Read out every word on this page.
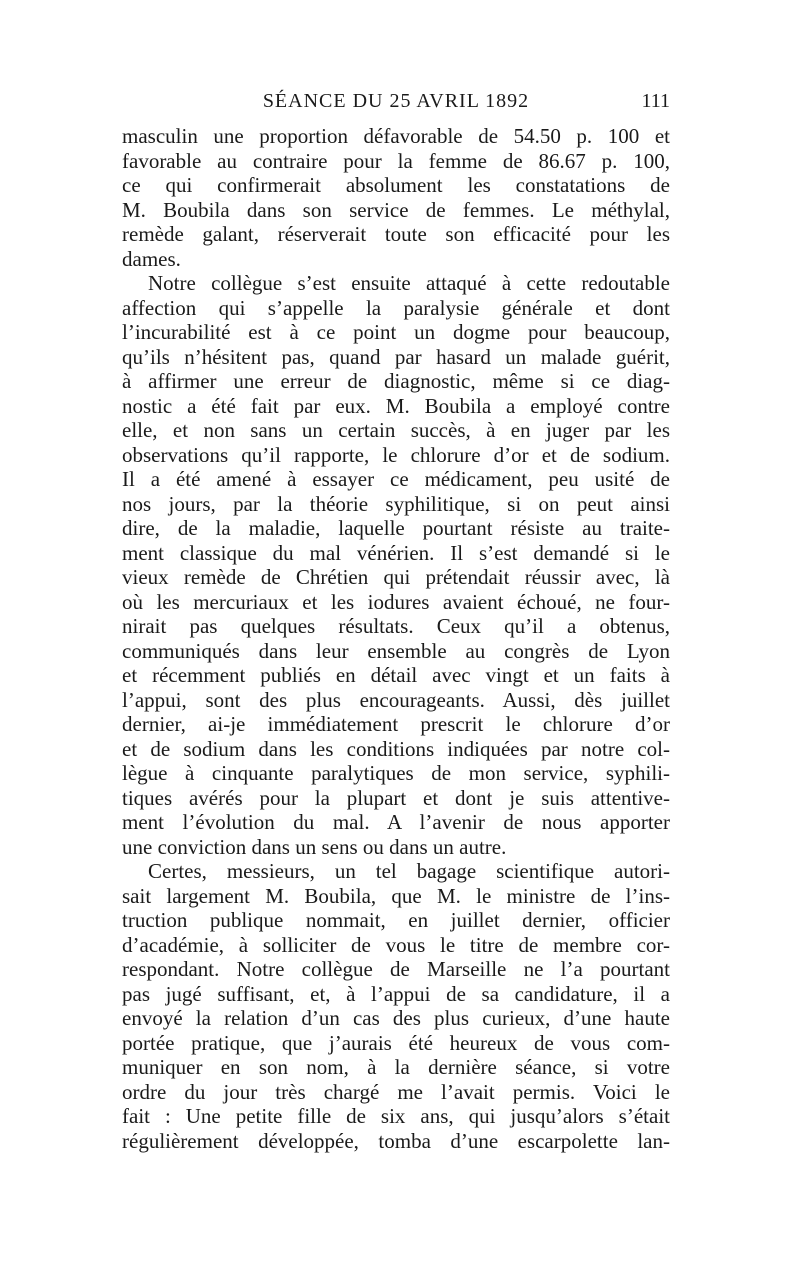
SÉANCE DU 25 AVRIL 1892	111
masculin une proportion défavorable de 54.50 p. 100 et
favorable au contraire pour la femme de 86.67 p. 100,
ce qui confirmerait absolument les constatations de
M. Boubila dans son service de femmes. Le méthylal,
remède galant, réserverait toute son efficacité pour les
dames.
Notre collègue s’est ensuite attaqué à cette redoutable
affection qui s’appelle la paralysie générale et dont
l’incurabilité est à ce point un dogme pour beaucoup,
qu’ils n’hésitent pas, quand par hasard un malade guérit,
à affirmer une erreur de diagnostic, même si ce diag-
nostic a été fait par eux. M. Boubila a employé contre
elle, et non sans un certain succès, à en juger par les
observations qu’il rapporte, le chlorure d’or et de sodium.
Il a été amené à essayer ce médicament, peu usité de
nos jours, par la théorie syphilitique, si on peut ainsi
dire, de la maladie, laquelle pourtant résiste au traite-
ment classique du mal vénérien. Il s’est demandé si le
vieux remède de Chrétien qui prétendait réussir avec, là
où les mercuriaux et les iodures avaient échoué, ne four-
nirait pas quelques résultats. Ceux qu’il a obtenus,
communiqués dans leur ensemble au congrès de Lyon
et récemment publiés en détail avec vingt et un faits à
l’appui, sont des plus encourageants. Aussi, dès juillet
dernier, ai-je immédiatement prescrit le chlorure d’or
et de sodium dans les conditions indiquées par notre col-
lègue à cinquante paralytiques de mon service, syphili-
tiques avérés pour la plupart et dont je suis attentive-
ment l’évolution du mal. A l’avenir de nous apporter
une conviction dans un sens ou dans un autre.
Certes, messieurs, un tel bagage scientifique autori-
sait largement M. Boubila, que M. le ministre de l’ins-
truction publique nommait, en juillet dernier, officier
d’académie, à solliciter de vous le titre de membre cor-
respondant. Notre collègue de Marseille ne l’a pourtant
pas jugé suffisant, et, à l’appui de sa candidature, il a
envoyé la relation d’un cas des plus curieux, d’une haute
portée pratique, que j’aurais été heureux de vous com-
muniquer en son nom, à la dernière séance, si votre
ordre du jour très chargé me l’avait permis. Voici le
fait : Une petite fille de six ans, qui jusqu’alors s’était
régulièrement développée, tomba d’une escarpolette lan-
